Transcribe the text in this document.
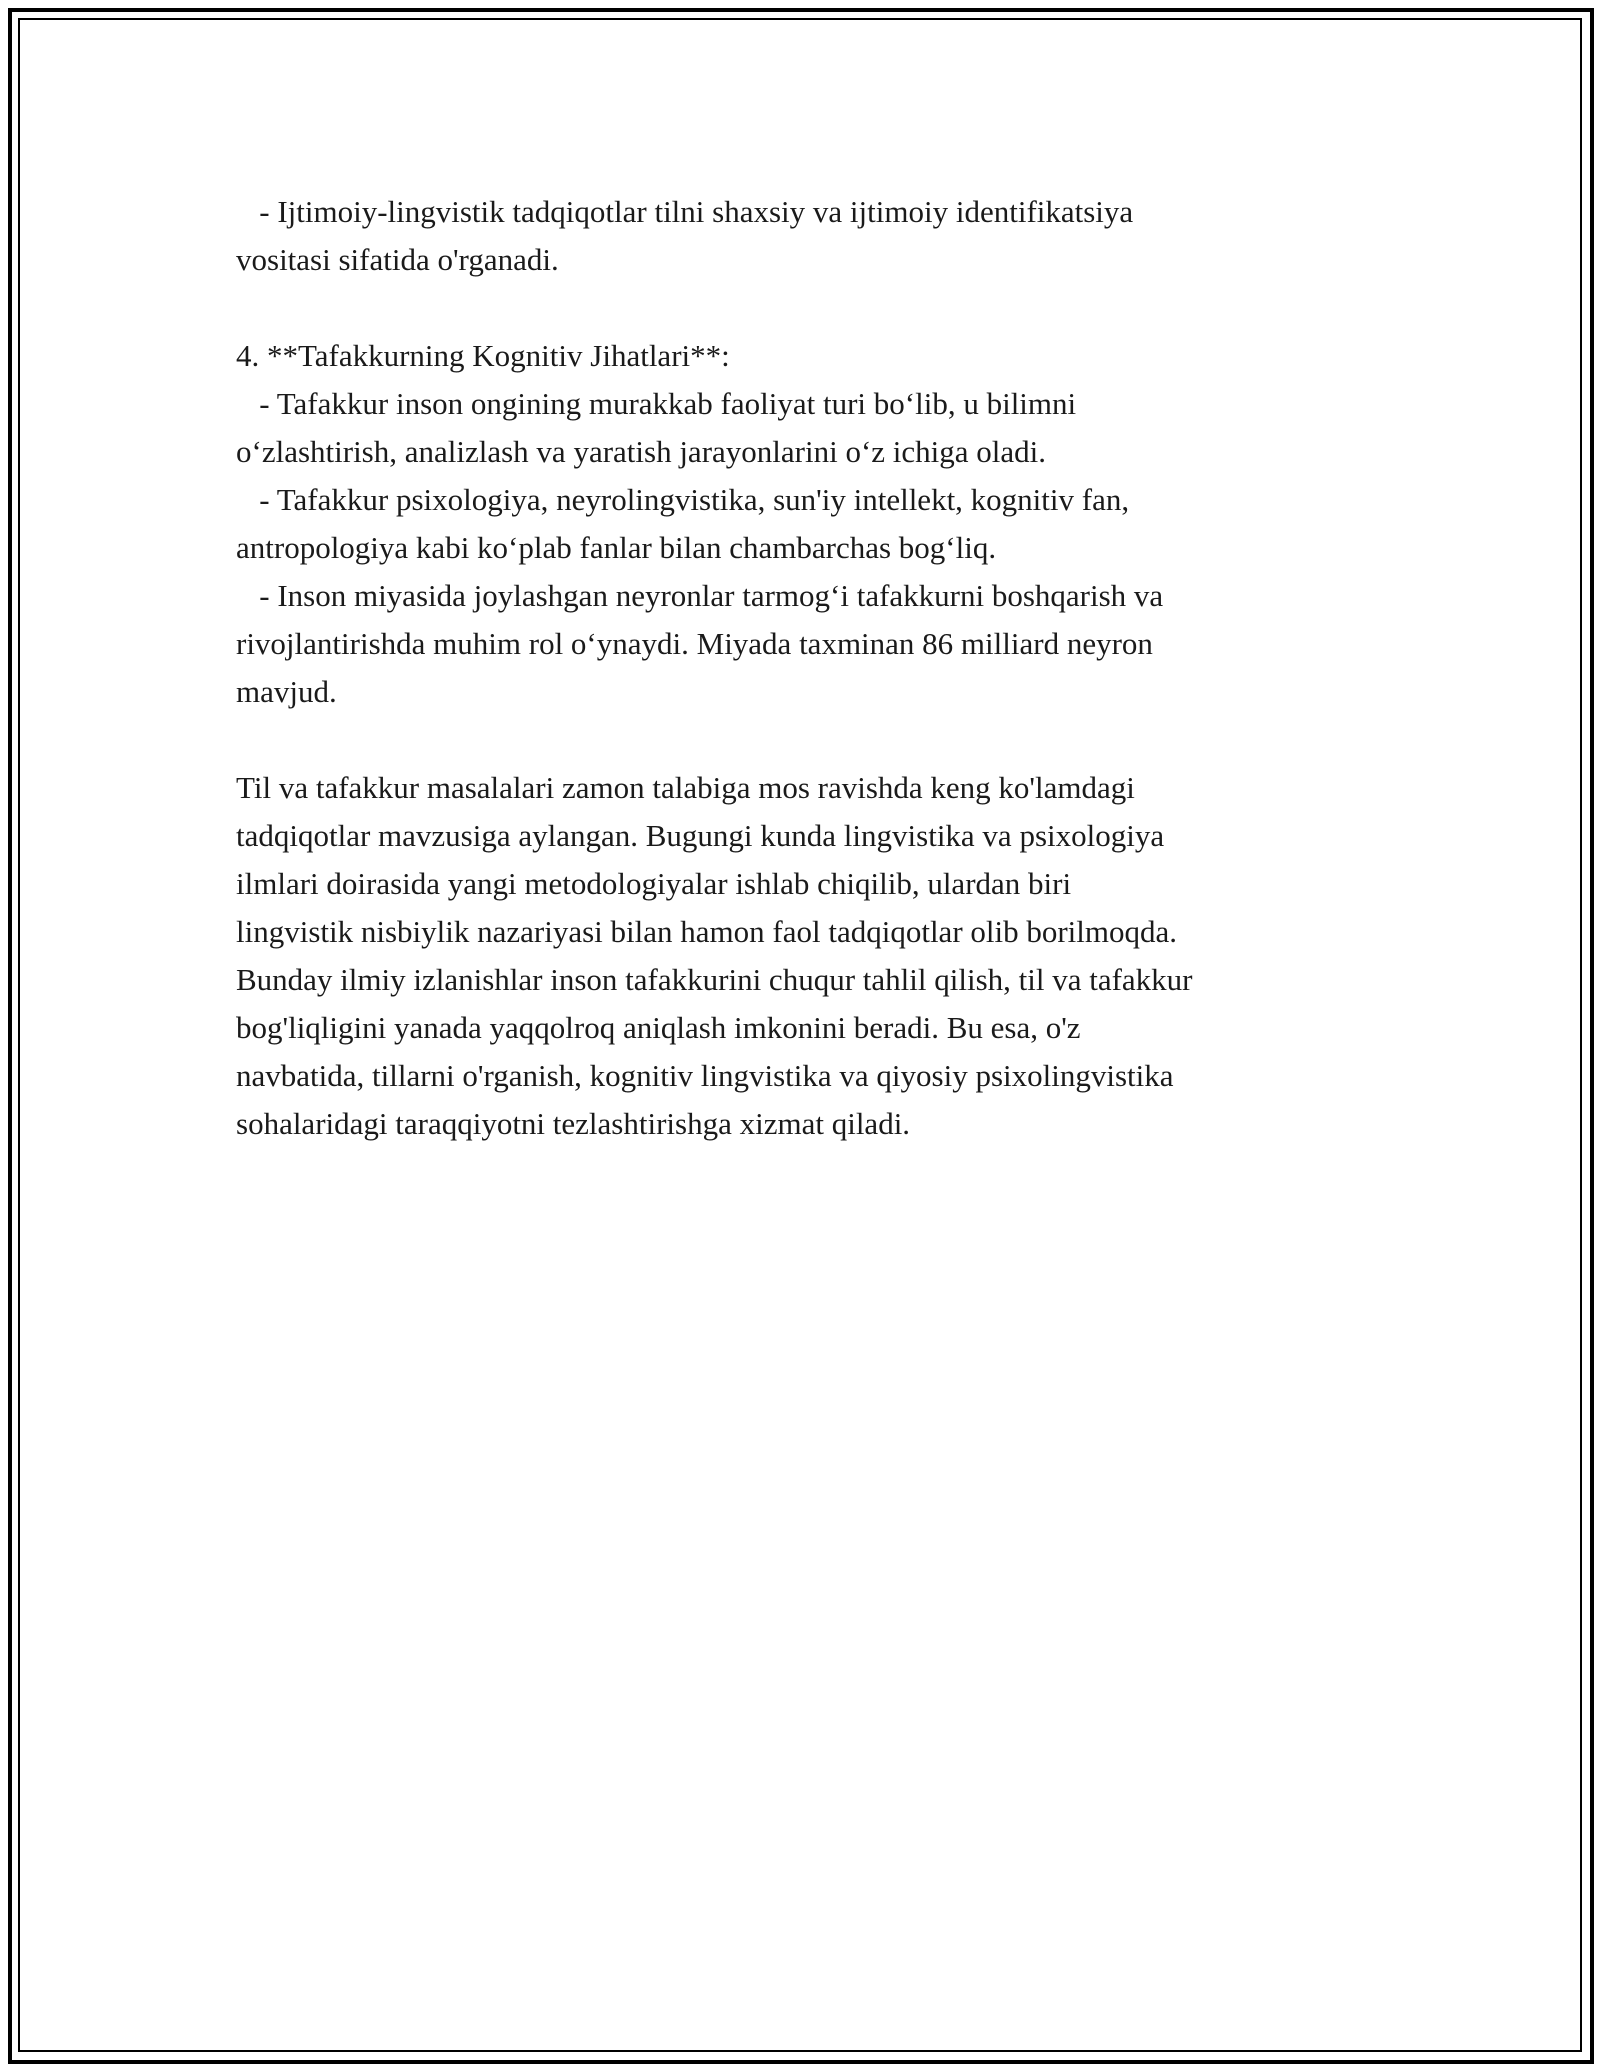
- Ijtimoiy-lingvistik tadqiqotlar tilni shaxsiy va ijtimoiy identifikatsiya
vositasi sifatida o'rganadi.
4. **Tafakkurning Kognitiv Jihatlari**:
- Tafakkur inson ongining murakkab faoliyat turi bo‘lib, u bilimni
o‘zlashtirish, analizlash va yaratish jarayonlarini o‘z ichiga oladi.
- Tafakkur psixologiya, neyrolingvistika, sun'iy intellekt, kognitiv fan,
antropologiya kabi ko‘plab fanlar bilan chambarchas bog‘liq.
- Inson miyasida joylashgan neyronlar tarmog‘i tafakkurni boshqarish va
rivojlantirishda muhim rol o‘ynaydi. Miyada taxminan 86 milliard neyron
mavjud.
Til va tafakkur masalalari zamon talabiga mos ravishda keng ko'lamdagi
tadqiqotlar mavzusiga aylangan. Bugungi kunda lingvistika va psixologiya
ilmlari doirasida yangi metodologiyalar ishlab chiqilib, ulardan biri
lingvistik nisbiylik nazariyasi bilan hamon faol tadqiqotlar olib borilmoqda.
Bunday ilmiy izlanishlar inson tafakkurini chuqur tahlil qilish, til va tafakkur
bog'liqligini yanada yaqqolroq aniqlash imkonini beradi. Bu esa, o'z
navbatida, tillarni o'rganish, kognitiv lingvistika va qiyosiy psixolingvistika
sohalaridagi taraqqiyotni tezlashtirishga xizmat qiladi.
